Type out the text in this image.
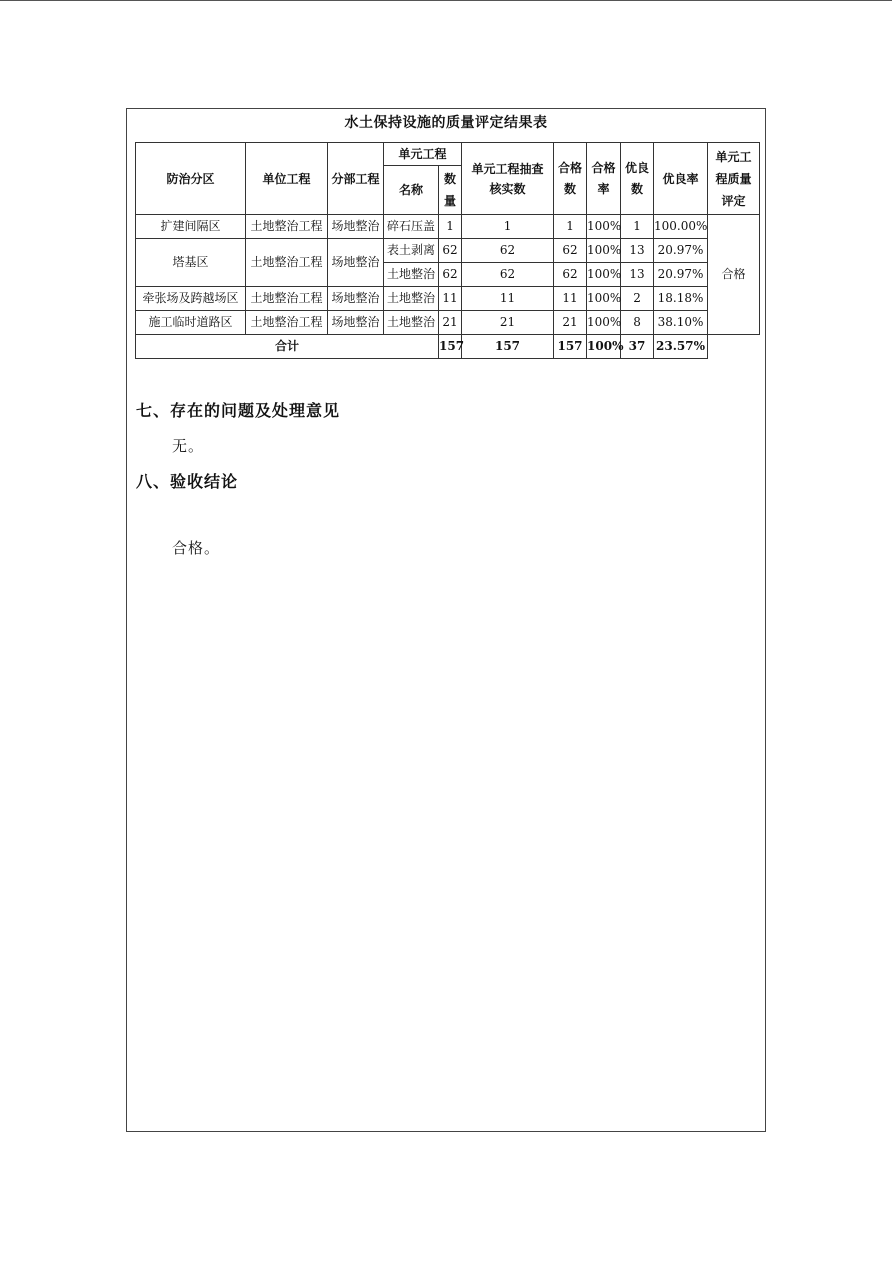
水土保持设施的质量评定结果表
防治分区	单位工程	分部工程	单元工程		单元工程抽查核实数	合格数	合格率	优良数	优良率	单元工程质量评定
			名称	数量						
扩建间隔区	土地整治工程	场地整治	碎石压盖	1	1	1	100%	1	100.00%	合格
塔基区	土地整治工程	场地整治	表土剥离	62	62	62	100%	13	20.97%	
			土地整治	62	62	62	100%	13	20.97%	
牵张场及跨越场区	土地整治工程	场地整治	土地整治	11	11	11	100%	2	18.18%	
施工临时道路区	土地整治工程	场地整治	土地整治	21	21	21	100%	8	38.10%	
合计				157	157	157	100%	37	23.57%	
七、存在的问题及处理意见
无。
八、验收结论
合格。
